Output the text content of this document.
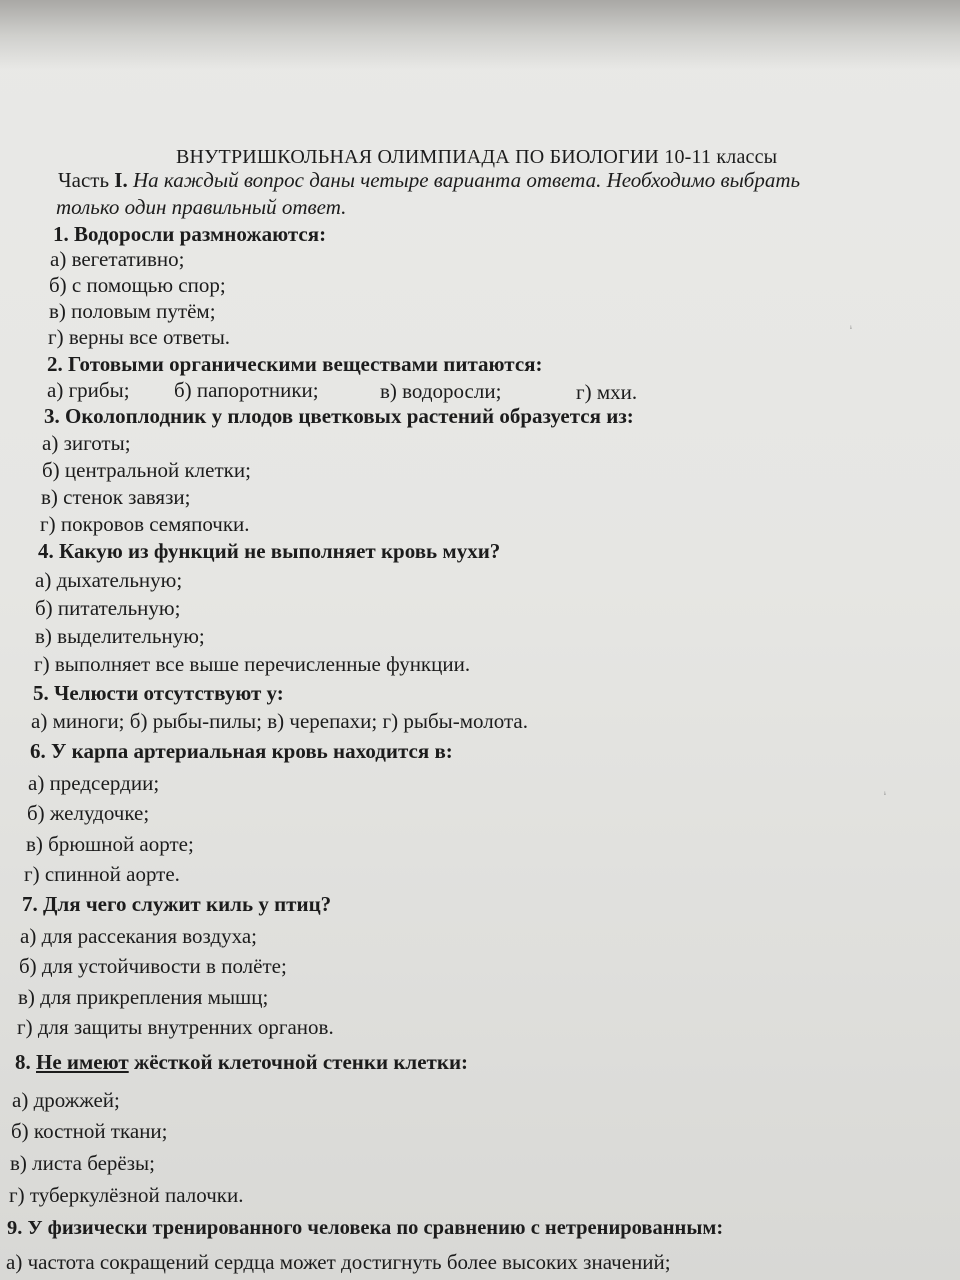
ВНУТРИШКОЛЬНАЯ ОЛИМПИАДА ПО БИОЛОГИИ 10-11 классы
Часть I. На каждый вопрос даны четыре варианта ответа. Необходимо выбрать
только один правильный ответ.
1. Водоросли размножаются:
а) вегетативно;
б) с помощью спор;
в) половым путём;
г) верны все ответы.
2. Готовыми органическими веществами питаются:
а) грибы; б) папоротники;	в) водоросли;	г) мхи.
3. Околоплодник у плодов цветковых растений образуется из:
а) зиготы;
б) центральной клетки;
в) стенок завязи;
г) покровов семяпочки.
4. Какую из функций не выполняет кровь мухи?
а) дыхательную;
б) питательную;
в) выделительную;
г) выполняет все выше перечисленные функции.
5. Челюсти отсутствуют у:
а) миноги; б) рыбы-пилы; в) черепахи; г) рыбы-молота.
6. У карпа артериальная кровь находится в:
а) предсердии;
б) желудочке;
в) брюшной аорте;
г) спинной аорте.
7. Для чего служит киль у птиц?
а) для рассекания воздуха;
б) для устойчивости в полёте;
в) для прикрепления мышц;
г) для защиты внутренних органов.
8. Не имеют жёсткой клеточной стенки клетки:
а) дрожжей;
б) костной ткани;
в) листа берёзы;
г) туберкулёзной палочки.
9. У физически тренированного человека по сравнению с нетренированным:
а) частота сокращений сердца может достигнуть более высоких значений;
ⁱ
ⁱ
